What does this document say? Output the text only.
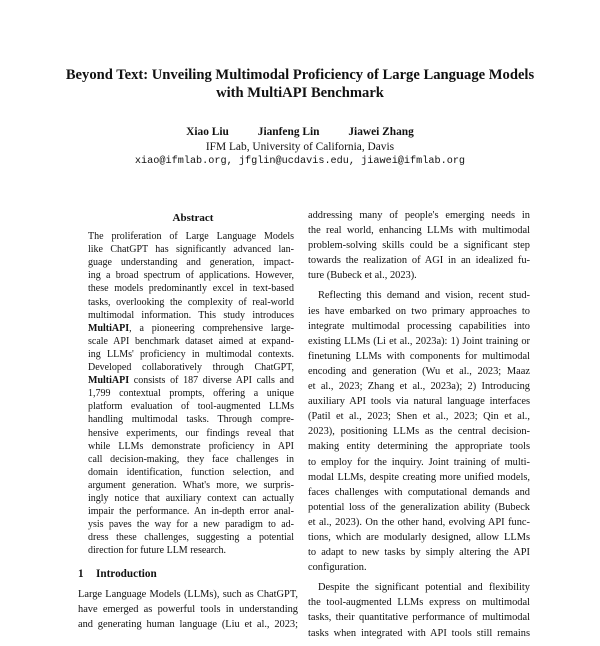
Beyond Text: Unveiling Multimodal Proficiency of Large Language Models
with MultiAPI Benchmark
Xiao Liu	Jianfeng Lin	Jiawei Zhang
IFM Lab, University of California, Davis
xiao@ifmlab.org, jfglin@ucdavis.edu, jiawei@ifmlab.org
Abstract
The proliferation of Large Language Models
like ChatGPT has significantly advanced lan-
guage understanding and generation, impact-
ing a broad spectrum of applications. However,
these models predominantly excel in text-based
tasks, overlooking the complexity of real-world
multimodal information. This study introduces
MultiAPI, a pioneering comprehensive large-
scale API benchmark dataset aimed at expand-
ing LLMs' proficiency in multimodal contexts.
Developed collaboratively through ChatGPT,
MultiAPI consists of 187 diverse API calls and
1,799 contextual prompts, offering a unique
platform evaluation of tool-augmented LLMs
handling multimodal tasks. Through compre-
hensive experiments, our findings reveal that
while LLMs demonstrate proficiency in API
call decision-making, they face challenges in
domain identification, function selection, and
argument generation. What's more, we surpris-
ingly notice that auxiliary context can actually
impair the performance. An in-depth error anal-
ysis paves the way for a new paradigm to ad-
dress these challenges, suggesting a potential
direction for future LLM research.
1 Introduction
Large Language Models (LLMs), such as ChatGPT,
have emerged as powerful tools in understanding
and generating human language (Liu et al., 2023;
addressing many of people's emerging needs in
the real world, enhancing LLMs with multimodal
problem-solving skills could be a significant step
towards the realization of AGI in an idealized fu-
ture (Bubeck et al., 2023).
Reflecting this demand and vision, recent stud-
ies have embarked on two primary approaches to
integrate multimodal processing capabilities into
existing LLMs (Li et al., 2023a): 1) Joint training or
finetuning LLMs with components for multimodal
encoding and generation (Wu et al., 2023; Maaz
et al., 2023; Zhang et al., 2023a); 2) Introducing
auxiliary API tools via natural language interfaces
(Patil et al., 2023; Shen et al., 2023; Qin et al.,
2023), positioning LLMs as the central decision-
making entity determining the appropriate tools
to employ for the inquiry. Joint training of multi-
modal LLMs, despite creating more unified models,
faces challenges with computational demands and
potential loss of the generalization ability (Bubeck
et al., 2023). On the other hand, evolving API func-
tions, which are modularly designed, allow LLMs
to adapt to new tasks by simply altering the API
configuration.
Despite the significant potential and flexibility
the tool-augmented LLMs express on multimodal
tasks, their quantitative performance of multimodal
tasks when integrated with API tools still remains
